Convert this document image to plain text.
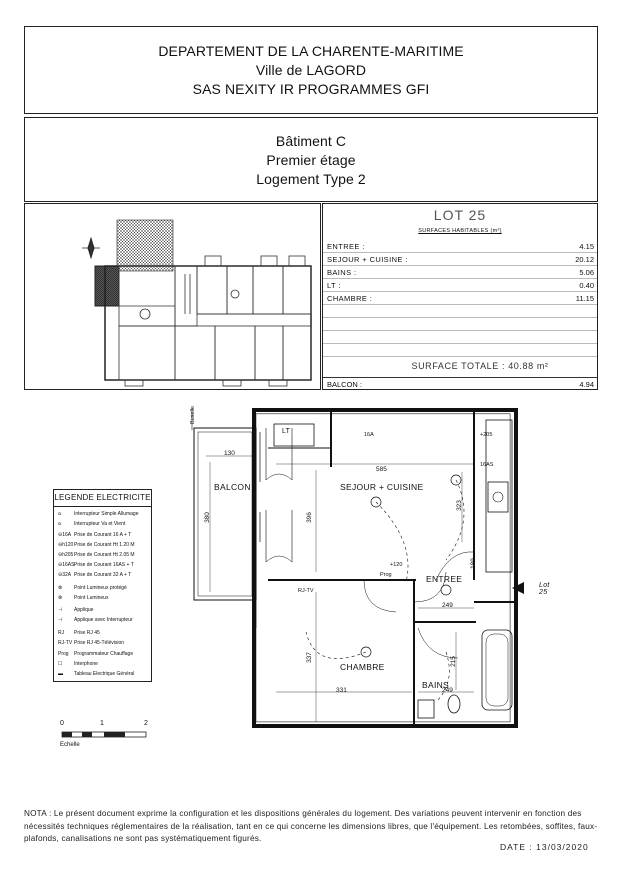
DEPARTEMENT DE LA CHARENTE-MARITIME
Ville de LAGORD
SAS NEXITY IR PROGRAMMES GFI
Bâtiment C
Premier étage
Logement Type 2
LOT 25
SURFACES HABITABLES (m²)
ENTREE :	4.15
SEJOUR + CUISINE :	20.12
BAINS :	5.06
LT :	0.40
CHAMBRE :	11.15
SURFACE TOTALE : 40.88 m²
BALCON :	4.94
LEGENDE ELECTRICITE
ᴑ	Interrupteur Simple Allumage
ᴑ	Interrupteur Va et Vient
⊖16A Prise de Courant 16 A + T
⊖h120Prise de Courant Ht 1.20 M
⊖h205Prise de Courant Ht 2.05 M
⊖16ASPrise de Courant 16AS + T
⊖32A Prise de Courant 32 A + T
⊗ Point Lumineux protégé
⊗ Point Lumineux
⊣ Applique
⊣ Applique avec Interrupteur
RJ Prise RJ 45
RJ-TV Prise RJ 45-Télévision
Prog Programmateur Chauffage
☐ Interphone
▬ Tableau Electrique Général
0	1	2
Echelle
BALCON	SEJOUR + CUISINE
ENTREE
CHAMBRE
BAINS
LT
Lot 25
130
380
585
396
323
249
337
331	249
215
189
Buselle
Buselle
16A
+120
+205
16AS
RJ-TV
Prog
NOTA : Le présent document exprime la configuration et les dispositions générales du logement. Des variations peuvent intervenir en fonction des nécessités techniques réglementaires de la réalisation, tant en ce qui concerne les dimensions libres, que l'équipement. Les retombées, soffites, faux-plafonds, canalisations ne sont pas systématiquement figurés.
DATE : 13/03/2020
